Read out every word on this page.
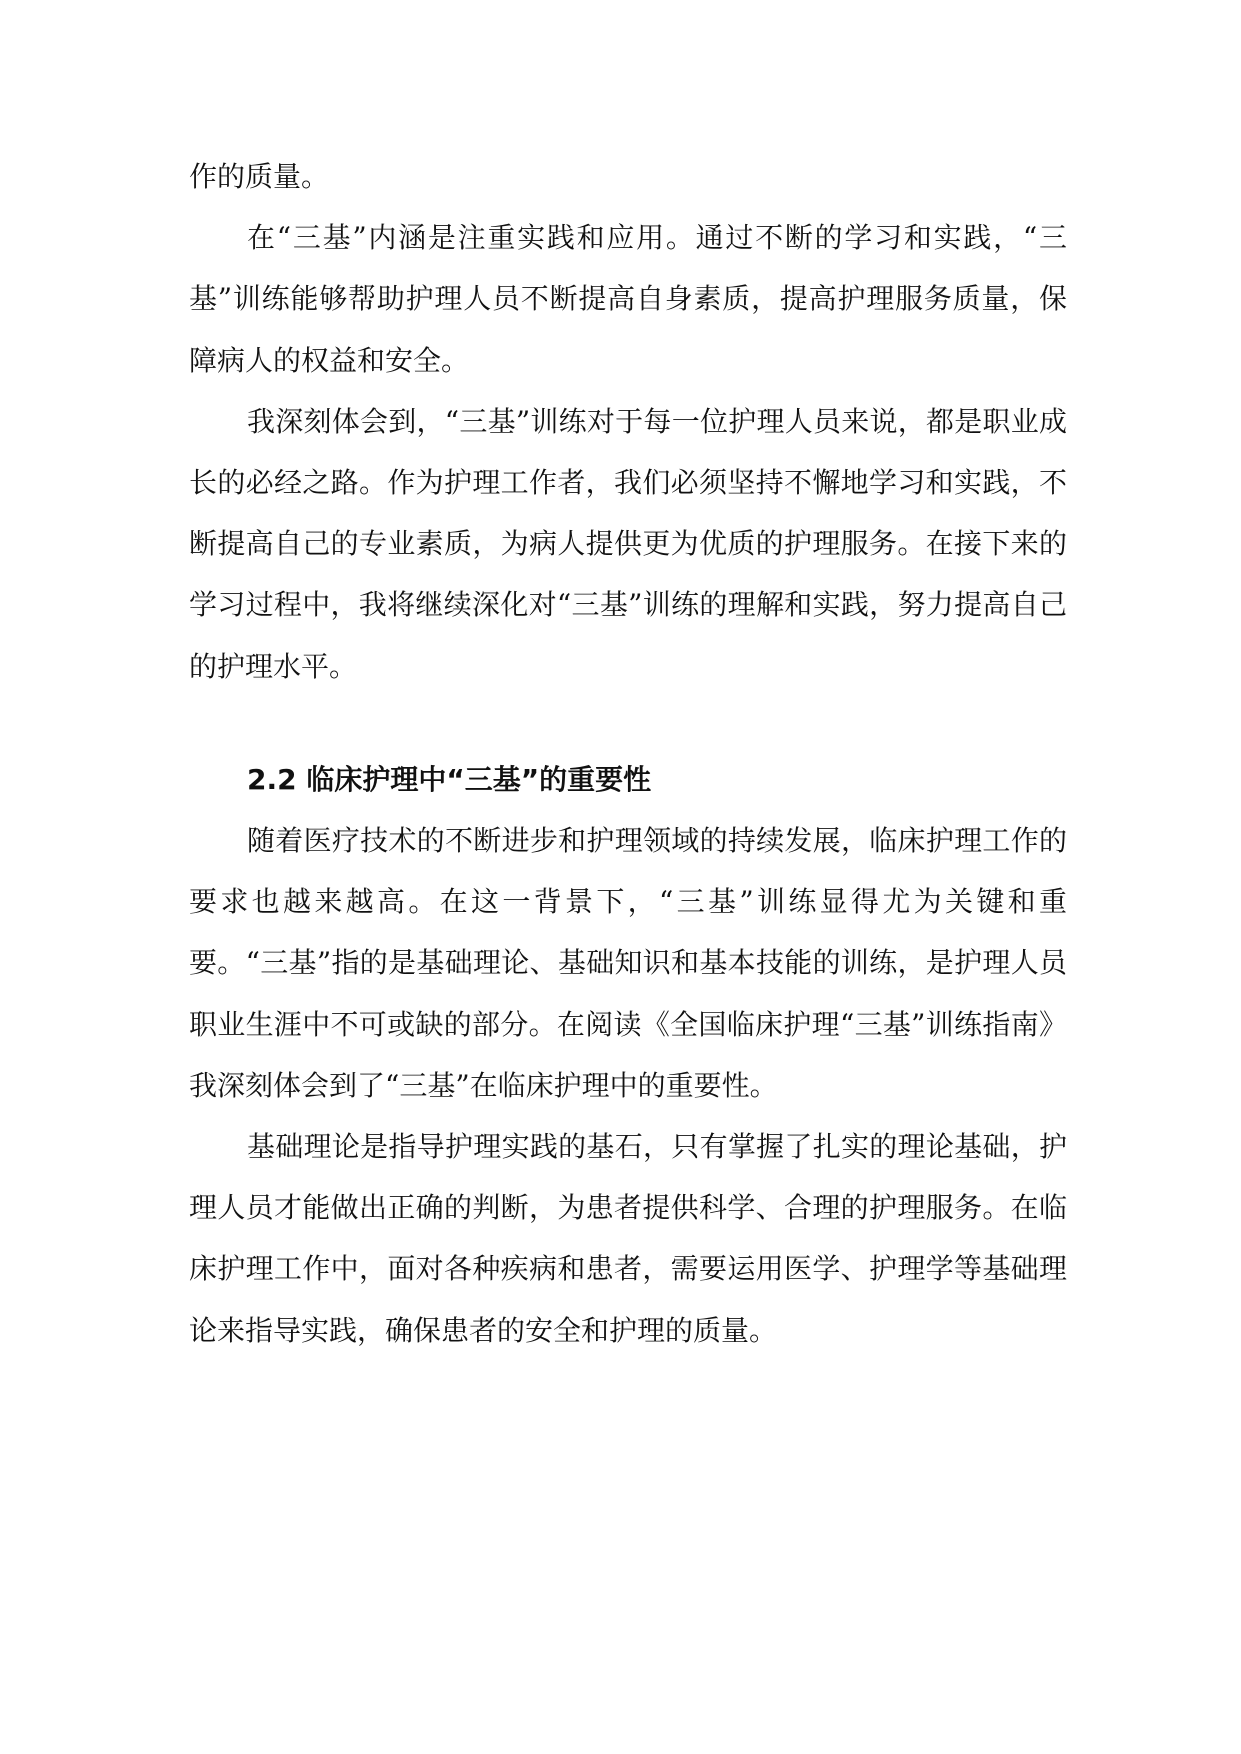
作的质量。

在“三基”内涵是注重实践和应用。通过不断的学习和实践，“三基”训练能够帮助护理人员不断提高自身素质，提高护理服务质量，保障病人的权益和安全。

我深刻体会到，“三基”训练对于每一位护理人员来说，都是职业成长的必经之路。作为护理工作者，我们必须坚持不懈地学习和实践，不断提高自己的专业素质，为病人提供更为优质的护理服务。在接下来的学习过程中，我将继续深化对“三基”训练的理解和实践，努力提高自己的护理水平。

2.2 临床护理中“三基”的重要性

随着医疗技术的不断进步和护理领域的持续发展，临床护理工作的要求也越来越高。在这一背景下，“三基”训练显得尤为关键和重要。“三基”指的是基础理论、基础知识和基本技能的训练，是护理人员职业生涯中不可或缺的部分。在阅读《全国临床护理“三基”训练指南》我深刻体会到了“三基”在临床护理中的重要性。

基础理论是指导护理实践的基石，只有掌握了扎实的理论基础，护理人员才能做出正确的判断，为患者提供科学、合理的护理服务。在临床护理工作中，面对各种疾病和患者，需要运用医学、护理学等基础理论来指导实践，确保患者的安全和护理的质量。
